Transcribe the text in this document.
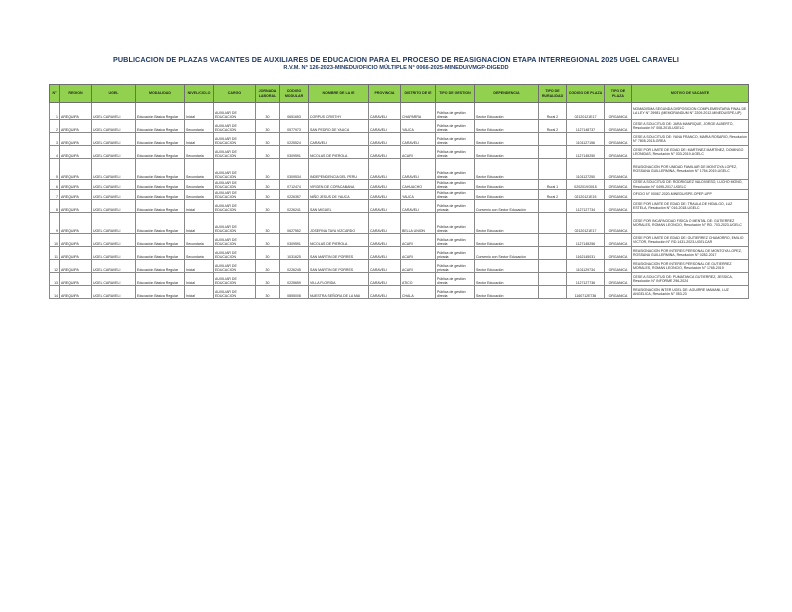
PUBLICACION DE PLAZAS VACANTES DE AUXILIARES DE EDUCACION PARA EL PROCESO DE REASIGNACION ETAPA INTERREGIONAL 2025 UGEL CARAVELI
R.V.M. N° 126-2023-MINEDU/OFICIO MÚLTIPLE N° 0066-2025-MINEDU/VMGP-DIGEDD
N°	REGION	UGEL	MODALIDAD	NIVEL/CICLO	CARGO	JORNADA LABORAL	CODIGO MODULAR	NOMBRE DE LA IE	PROVINCIA	DISTRITO DE IE	TIPO DE GESTION	DEPENDENCIA	TIPO DE RURALIDAD	CODIGO DE PLAZA	TIPO DE PLAZA	MOTIVO DE VACANTE
1	AREQUIPA	UGEL CARAVELI	Educación Básica Regular	Inicial	AUXILIAR DE EDUCACION	30	0651653	CORPUS CRISTHY	CARAVELI	CHAPARRA	Pública de gestión directa	Sector Educación	Rural 2	02120121E17	ORGANICA	NOMADISMA SEGUNDA DISPOSICION COMPLEMENTARIA FINAL DE LA LEY N° 29981 (MEMORANDUM N° 2209-2012-MINEDU/SPE-UP)
2	AREQUIPA	UGEL CARAVELI	Educación Básica Regular	Secundaria	AUXILIAR DE EDUCACION	30	0577973	SAN PEDRO DE YAUCA	CARAVELI	YAUCA	Pública de gestión directa	Sector Educación	Rural 2	1127148737	ORGANICA	CESE A SOLICITUD DE: JARA MANRIQUE, JORGE ALBERTO, Resolución N° 008-2015-UGELC
3	AREQUIPA	UGEL CARAVELI	Educación Básica Regular	Inicial	AUXILIAR DE EDUCACION	30	0225524	CARAVELI	CARAVELI	CARAVELI	Pública de gestión directa	Sector Educación		1101127156	ORGANICA	CESE A SOLICITUD DE: YANA FRANCO, MARIA ROSARIO, Resolución N° 7805-2015-GREA
4	AREQUIPA	UGEL CARAVELI	Educación Básica Regular	Secundaria	AUXILIAR DE EDUCACION	30	0309591	NICOLAS DE PIEROLA	CARAVELI	ACARI	Pública de gestión directa	Sector Educación		1127145250	ORGANICA	CESE POR LIMITE DE EDAD DE: MARTINEZ MARTINEZ, DOMINGO LEONIDAS, Resolución N° 033-2019-UGELC
5	AREQUIPA	UGEL CARAVELI	Educación Básica Regular	Secundaria	AUXILIAR DE EDUCACION	30	0309534	INDEPENDENCIA DEL PERU	CARAVELI	CARAVELI	Pública de gestión directa	Sector Educación		1101127250	ORGANICA	REASIGNACION POR UNIDAD FAMILIAR DE MONTOYA LOPEZ, ROSSANA GUILLERMINA, Resolución N° 1754-2019-UGELC
6	AREQUIPA	UGEL CARAVELI	Educación Básica Regular	Secundaria	AUXILIAR DE EDUCACION	30	0712474	VIRGEN DE COPACABANA	CARAVELI	CAHUACHO	Pública de gestión directa	Sector Educación	Rural 1	0202019/3015	ORGANICA	CESE A SOLICITUD DE: RODRIGUEZ VALDIVIESO, LUCHO MONO, Resolución N° 0495-2017-UGELC
7	AREQUIPA	UGEL CARAVELI	Educación Básica Regular	Secundaria	AUXILIAR DE EDUCACION	30	0226357	NIÑO JESUS DE YAUCA	CARAVELI	YAUCA	Pública de gestión directa	Sector Educación	Rural 2	02120121E15	ORGANICA	OFICIO N° 00067-2020-MINEDU/SPE-OPEP-UPP
8	AREQUIPA	UGEL CARAVELI	Educación Básica Regular	Inicial	AUXILIAR DE EDUCACION	30	0226241	SAN MIGUEL	CARAVELI	CARAVELI	Pública de gestión privada	Convenio con Sector Educación		1127127734	ORGANICA	CESE POR LIMITE DE EDAD DE: TRAULA DE HIDALGO, LUZ ESTELA, Resolución N° 016-2018-UGELC
9	AREQUIPA	UGEL CARAVELI	Educación Básica Regular	Inicial	AUXILIAR DE EDUCACION	30	0627552	JOSEFINA TAYA VIZCARDO	CARAVELI	BELLA UNION	Pública de gestión directa	Sector Educación		02120121E17	ORGANICA	CESE POR INCAPACIDAD FISICA O MENTAL DE: GUTIERREZ MORALES, ROMAN LEONCIO, Resolución N° RD. 703-2023-UGELC
10	AREQUIPA	UGEL CARAVELI	Educación Básica Regular	Secundaria	AUXILIAR DE EDUCACION	30	0309591	NICOLAS DE PIEROLA	CARAVELI	ACARI	Pública de gestión directa	Sector Educación		1127145256	ORGANICA	CESE POR LIMITE DE EDAD DE: GUTIERREZ CHAMORRO, EMILIO VICTOR, Resolución N° RD.1431-2023-UGELCAR
11	AREQUIPA	UGEL CARAVELI	Educación Básica Regular	Secundaria	AUXILIAR DE EDUCACION	30	1031625	SAN MARTIN DE PORRES	CARAVELI	ACARI	Pública de gestión privada	Convenio con Sector Educación		1162145031	ORGANICA	REASIGNACION POR INTERES PERSONAL DE MONTOYA LOPEZ, ROSSANA GUILLERMINA, Resolución N° 0282-2017
12	AREQUIPA	UGEL CARAVELI	Educación Básica Regular	Inicial	AUXILIAR DE EDUCACION	30	0226245	SAN MARTIN DE PORRES	CARAVELI	ACARI	Pública de gestión privada	Sector Educación		1101129734	ORGANICA	REASIGNACION POR INTERES PERSONAL DE GUTIERREZ MORALES, ROMAN LEONCIO, Resolución N° 1765-2019
13	AREQUIPA	UGEL CARAVELI	Educación Básica Regular	Inicial	AUXILIAR DE EDUCACION	30	0225659	VILLA FLORIDA	CARAVELI	ATICO	Pública de gestión directa	Sector Educación		1127127736	ORGANICA	CESE A SOLICITUD DE: PUMATANCA GUTIERREZ, JESSICA, Resolución N° INFORME 296-2024
14	AREQUIPA	UGEL CARAVELI	Educación Básica Regular	Inicial	AUXILIAR DE EDUCACION	30	0855008	NUESTRA SEÑORA DE LA MAI	CARAVELI	CHALA	Pública de gestión directa	Sector Educación		1160712E736	ORGANICA	REASIGNACION INTER UGEL DE: AGUIRRE MAMANI, LUZ ANGELICA, Resolución N° 053-23
